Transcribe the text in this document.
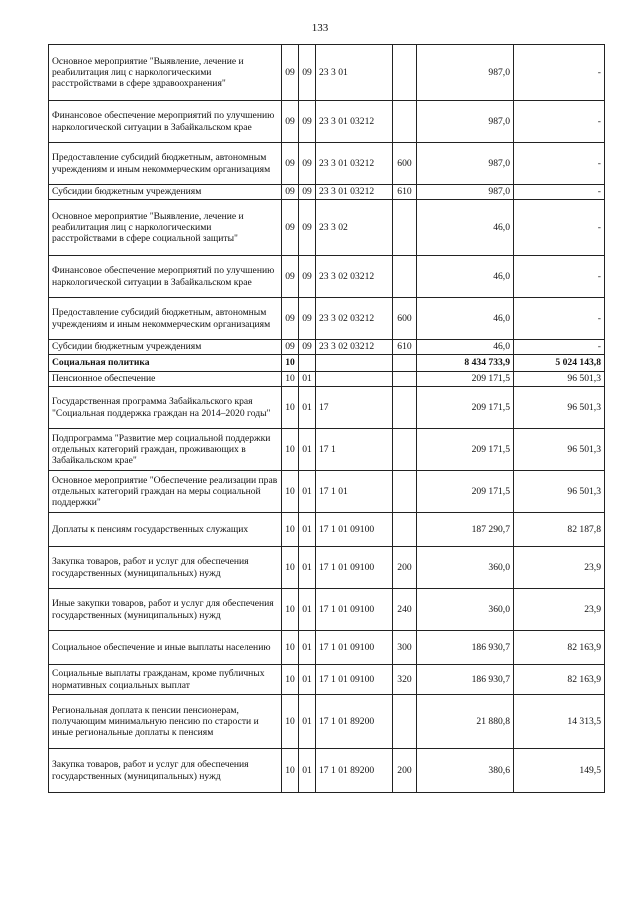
133
Основное мероприятие "Выявление, лечение и реабилитация лиц с наркологическими расстройствами в сфере здравоохранения"	09	09	23 3 01		987,0	-
Финансовое обеспечение мероприятий по улучшению наркологической ситуации в Забайкальском крае	09	09	23 3 01 03212		987,0	-
Предоставление субсидий бюджетным, автономным учреждениям и иным некоммерческим организациям	09	09	23 3 01 03212	600	987,0	-
Субсидии бюджетным учреждениям	09	09	23 3 01 03212	610	987,0	-
Основное мероприятие "Выявление, лечение и реабилитация лиц с наркологическими расстройствами в сфере социальной защиты"	09	09	23 3 02		46,0	-
Финансовое обеспечение мероприятий по улучшению наркологической ситуации в Забайкальском крае	09	09	23 3 02 03212		46,0	-
Предоставление субсидий бюджетным, автономным учреждениям и иным некоммерческим организациям	09	09	23 3 02 03212	600	46,0	-
Субсидии бюджетным учреждениям	09	09	23 3 02 03212	610	46,0	-
Социальная политика	10				8 434 733,9	5 024 143,8
Пенсионное обеспечение	10	01			209 171,5	96 501,3
Государственная программа Забайкальского края "Социальная поддержка граждан на 2014–2020 годы"	10	01	17		209 171,5	96 501,3
Подпрограмма "Развитие мер социальной поддержки отдельных категорий граждан, проживающих в Забайкальском крае"	10	01	17 1		209 171,5	96 501,3
Основное мероприятие "Обеспечение реализации прав отдельных категорий граждан на меры социальной поддержки"	10	01	17 1 01		209 171,5	96 501,3
Доплаты к пенсиям государственных служащих	10	01	17 1 01 09100		187 290,7	82 187,8
Закупка товаров, работ и услуг для обеспечения государственных (муниципальных) нужд	10	01	17 1 01 09100	200	360,0	23,9
Иные закупки товаров, работ и услуг для обеспечения государственных (муниципальных) нужд	10	01	17 1 01 09100	240	360,0	23,9
Социальное обеспечение и иные выплаты населению	10	01	17 1 01 09100	300	186 930,7	82 163,9
Социальные выплаты гражданам, кроме публичных нормативных социальных выплат	10	01	17 1 01 09100	320	186 930,7	82 163,9
Региональная доплата к пенсии пенсионерам, получающим минимальную пенсию по старости и иные региональные доплаты к пенсиям	10	01	17 1 01 89200		21 880,8	14 313,5
Закупка товаров, работ и услуг для обеспечения государственных (муниципальных) нужд	10	01	17 1 01 89200	200	380,6	149,5
